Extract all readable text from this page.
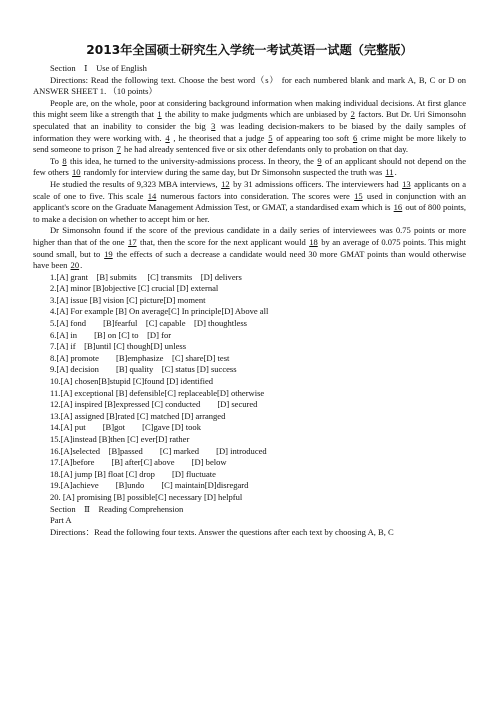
2013年全国硕士研究生入学统一考试英语一试题（完整版）

Section　Ⅰ　Use of English

Directions: Read the following text. Choose the best word（s） for each numbered blank and mark A, B, C or D on ANSWER SHEET 1. （10 points）

People are, on the whole, poor at considering background information when making individual decisions. At first glance this might seem like a strength that 1 the ability to make judgments which are unbiased by 2 factors. But Dr. Uri Simonsohn speculated that an inability to consider the big 3 was leading decision-makers to be biased by the daily samples of information they were working with. 4 , he theorised that a judge 5 of appearing too soft 6 crime might be more likely to send someone to prison 7 he had already sentenced five or six other defendants only to probation on that day.

To 8 this idea, he turned to the university-admissions process. In theory, the 9 of an applicant should not depend on the few others 10 randomly for interview during the same day, but Dr Simonsohn suspected the truth was 11.

He studied the results of 9,323 MBA interviews, 12 by 31 admissions officers. The interviewers had 13 applicants on a scale of one to five. This scale 14 numerous factors into consideration. The scores were 15 used in conjunction with an applicant's score on the Graduate Management Admission Test, or GMAT, a standardised exam which is 16 out of 800 points, to make a decision on whether to accept him or her.

Dr Simonsohn found if the score of the previous candidate in a daily series of interviewees was 0.75 points or more higher than that of the one 17 that, then the score for the next applicant would 18 by an average of 0.075 points. This might sound small, but to 19 the effects of such a decrease a candidate would need 30 more GMAT points than would otherwise have been 20.

1.[A] grant　[B] submits　 [C] transmits　[D] delivers

2.[A] minor [B]objective [C] crucial [D] external

3.[A] issue [B] vision [C] picture[D] moment

4.[A] For example [B] On average[C] In principle[D] Above all

5.[A] fond　　[B]fearful　[C] capable　[D] thoughtless

6.[A] in　　[B] on [C] to　[D] for

7.[A] if　[B]until [C] though[D] unless

8.[A] promote　　[B]emphasize　[C] share[D] test

9.[A] decision　　[B] quality　[C] status [D] success

10.[A] chosen[B]stupid [C]found [D] identified

11.[A] exceptional [B] defensible[C] replaceable[D] otherwise

12.[A] inspired [B]expressed [C] conducted　　[D] secured

13.[A] assigned [B]rated [C] matched [D] arranged

14.[A] put　　[B]got　　[C]gave [D] took

15.[A]instead [B]then [C] ever[D] rather

16.[A]selected　[B]passed　　[C] marked　　[D] introduced

17.[A]before　　[B] after[C] above　　[D] below

18.[A] jump [B] float [C] drop　　[D] fluctuate

19.[A]achieve　　[B]undo　　[C] maintain[D]disregard

20. [A] promising [B] possible[C] necessary [D] helpful

Section　Ⅱ　Reading Comprehension

Part A

Directions：Read the following four texts. Answer the questions after each text by choosing A, B, C
